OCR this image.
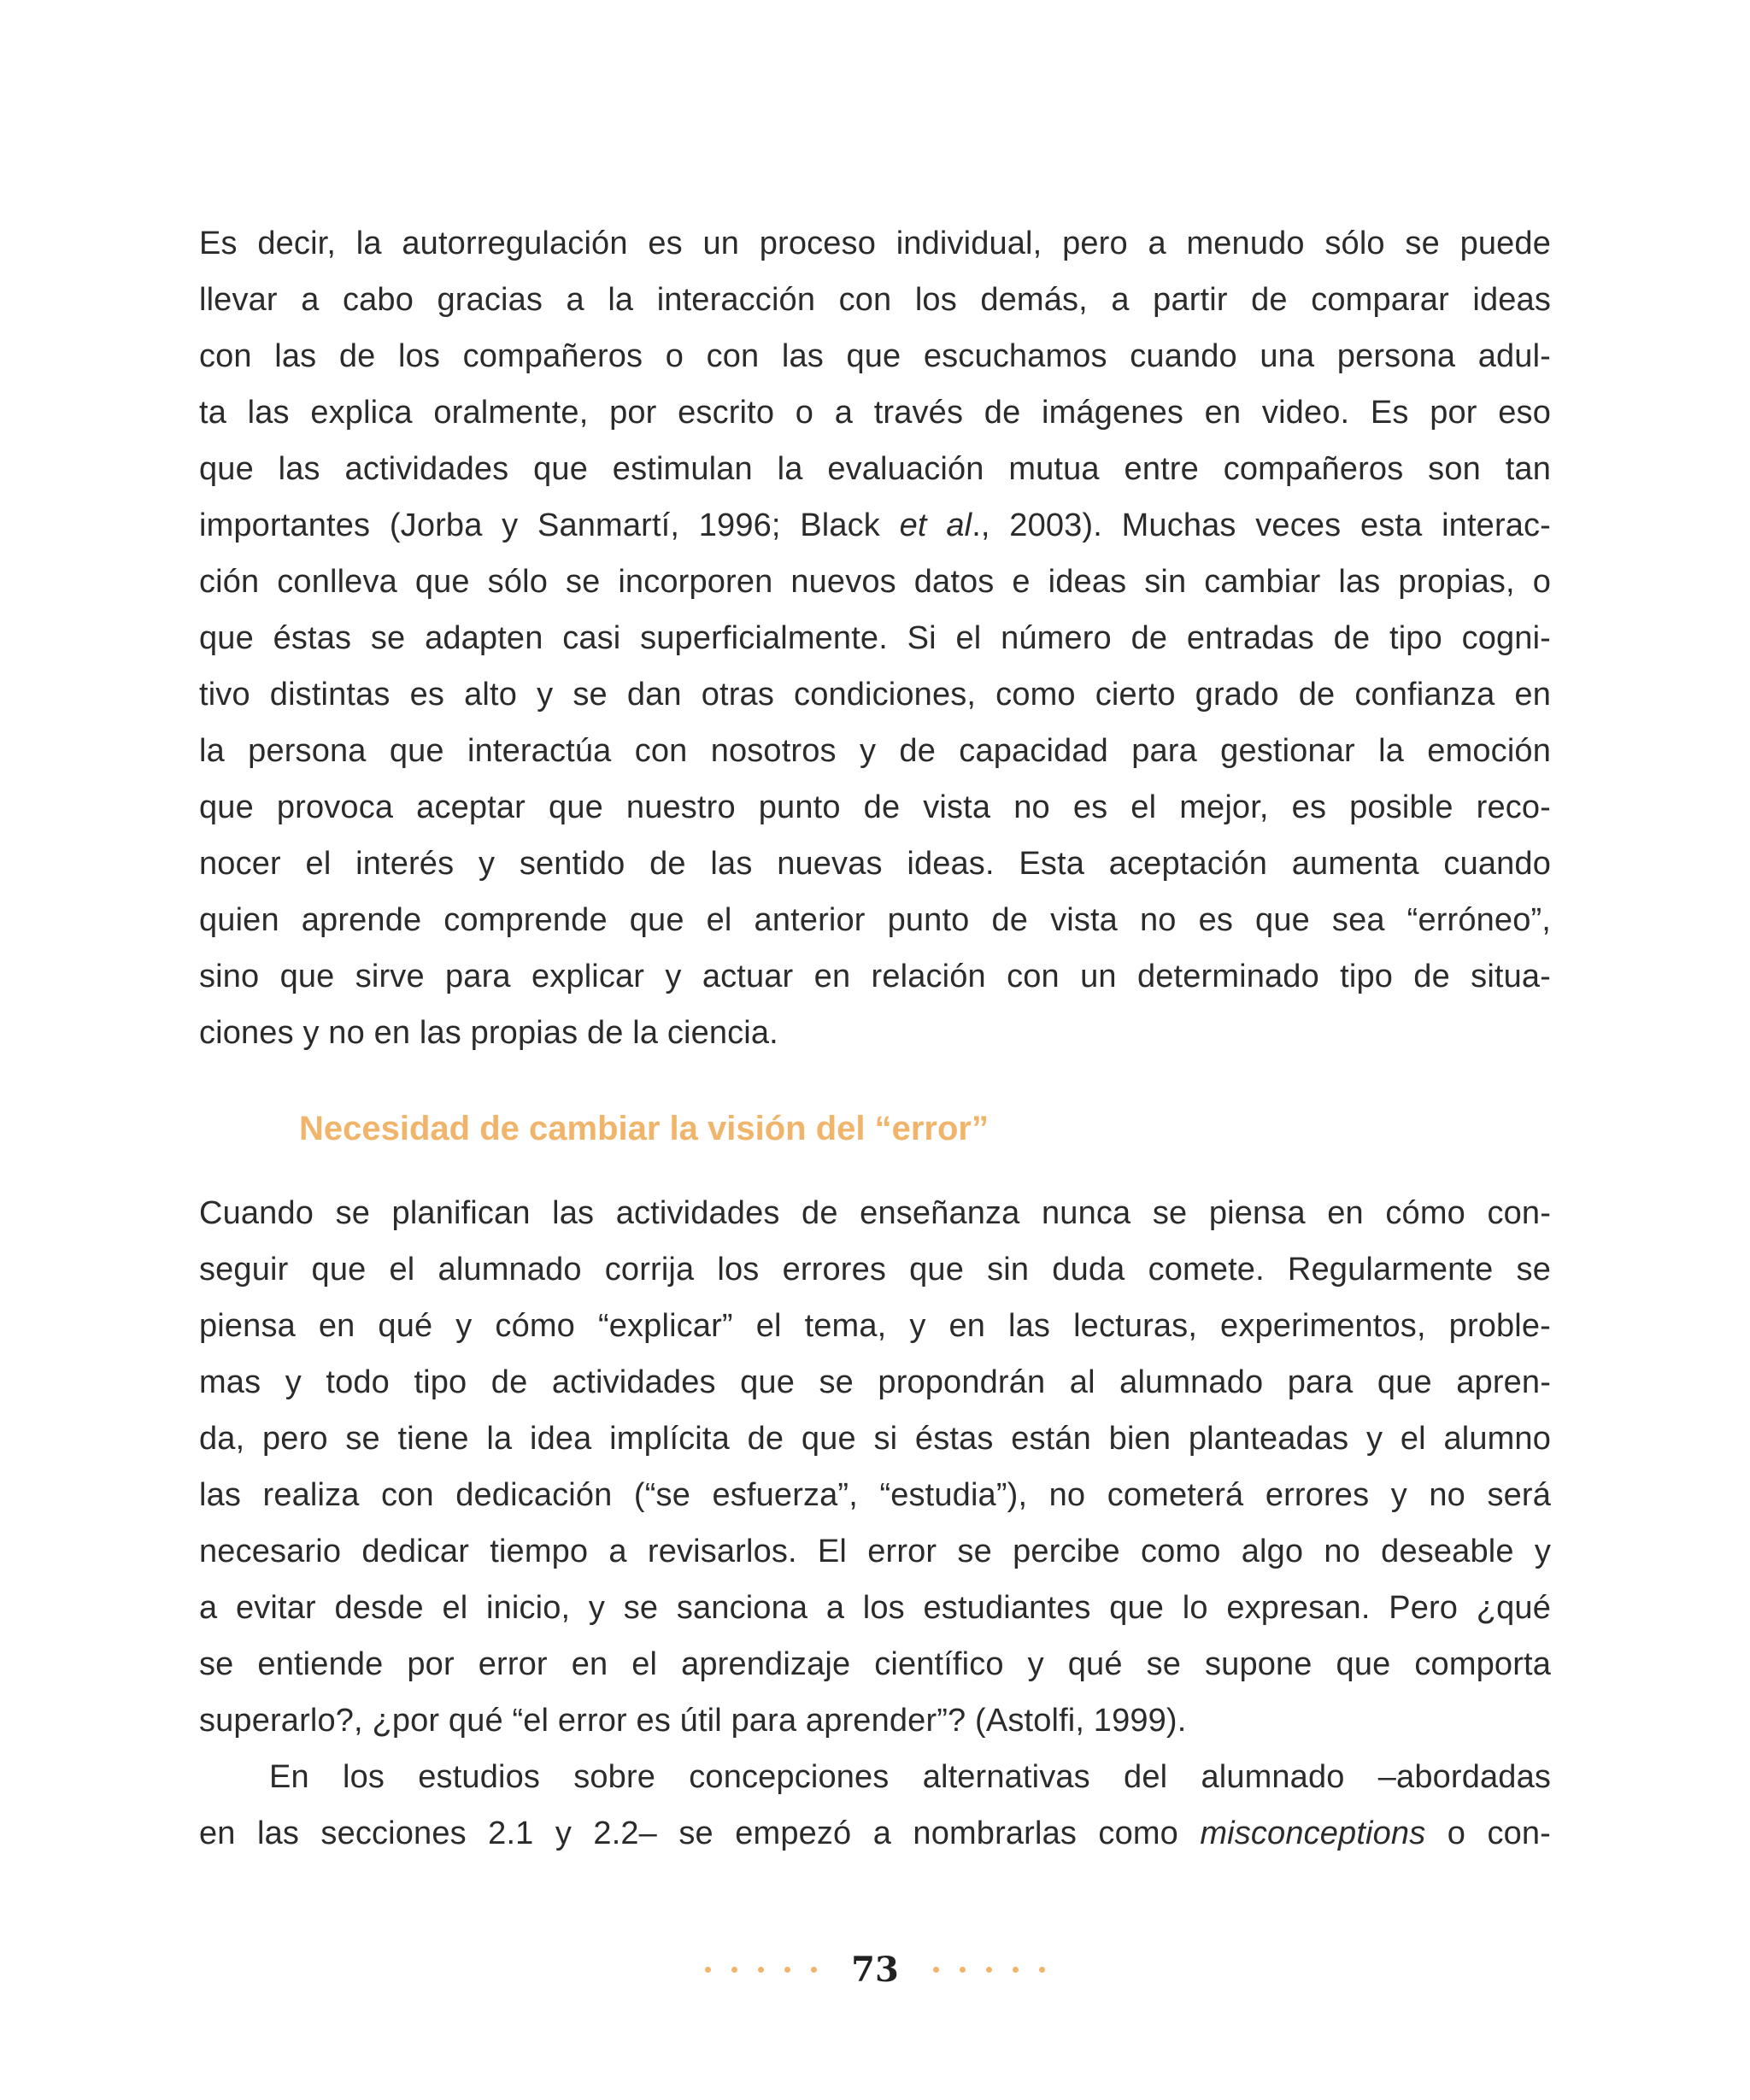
Es decir, la autorregulación es un proceso individual, pero a menudo sólo se puede
llevar a cabo gracias a la interacción con los demás, a partir de comparar ideas
con las de los compañeros o con las que escuchamos cuando una persona adul-
ta las explica oralmente, por escrito o a través de imágenes en video. Es por eso
que las actividades que estimulan la evaluación mutua entre compañeros son tan
importantes (Jorba y Sanmartí, 1996; Black et al., 2003). Muchas veces esta interac-
ción conlleva que sólo se incorporen nuevos datos e ideas sin cambiar las propias, o
que éstas se adapten casi superficialmente. Si el número de entradas de tipo cogni-
tivo distintas es alto y se dan otras condiciones, como cierto grado de confianza en
la persona que interactúa con nosotros y de capacidad para gestionar la emoción
que provoca aceptar que nuestro punto de vista no es el mejor, es posible reco-
nocer el interés y sentido de las nuevas ideas. Esta aceptación aumenta cuando
quien aprende comprende que el anterior punto de vista no es que sea “erróneo”,
sino que sirve para explicar y actuar en relación con un determinado tipo de situa-
ciones y no en las propias de la ciencia.
Necesidad de cambiar la visión del “error”
Cuando se planifican las actividades de enseñanza nunca se piensa en cómo con-
seguir que el alumnado corrija los errores que sin duda comete. Regularmente se
piensa en qué y cómo “explicar” el tema, y en las lecturas, experimentos, proble-
mas y todo tipo de actividades que se propondrán al alumnado para que apren-
da, pero se tiene la idea implícita de que si éstas están bien planteadas y el alumno
las realiza con dedicación (“se esfuerza”, “estudia”), no cometerá errores y no será
necesario dedicar tiempo a revisarlos. El error se percibe como algo no deseable y
a evitar desde el inicio, y se sanciona a los estudiantes que lo expresan. Pero ¿qué
se entiende por error en el aprendizaje científico y qué se supone que comporta
superarlo?, ¿por qué “el error es útil para aprender”? (Astolfi, 1999).
En los estudios sobre concepciones alternativas del alumnado –abordadas
en las secciones 2.1 y 2.2– se empezó a nombrarlas como misconceptions o con-
73
